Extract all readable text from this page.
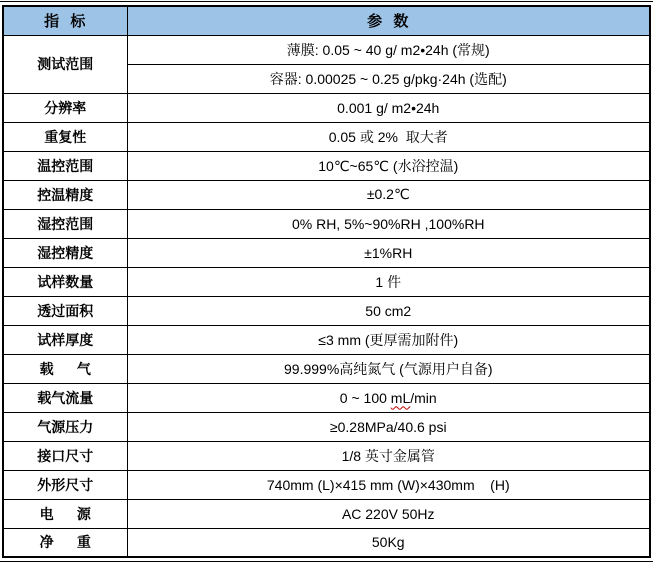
指  标	参  数
测试范围	薄膜: 0.05 ~ 40 g/ m2•24h (常规)
	容器: 0.00025 ~ 0.25 g/pkg·24h (选配)
分辨率	0.001 g/ m2•24h
重复性	0.05 或 2%  取大者
温控范围	10℃~65℃ (水浴控温)
控温精度	±0.2℃
湿控范围	0% RH, 5%~90%RH ,100%RH
湿控精度	±1%RH
试样数量	1 件
透过面积	50 cm2
试样厚度	≤3 mm (更厚需加附件)
载      气	99.999%高纯氮气 (气源用户自备)
载气流量	0 ~ 100 mL/min
气源压力	≥0.28MPa/40.6 psi
接口尺寸	1/8 英寸金属管
外形尺寸	740mm (L)×415 mm (W)×430mm    (H)
电      源	AC 220V 50Hz
净      重	50Kg
